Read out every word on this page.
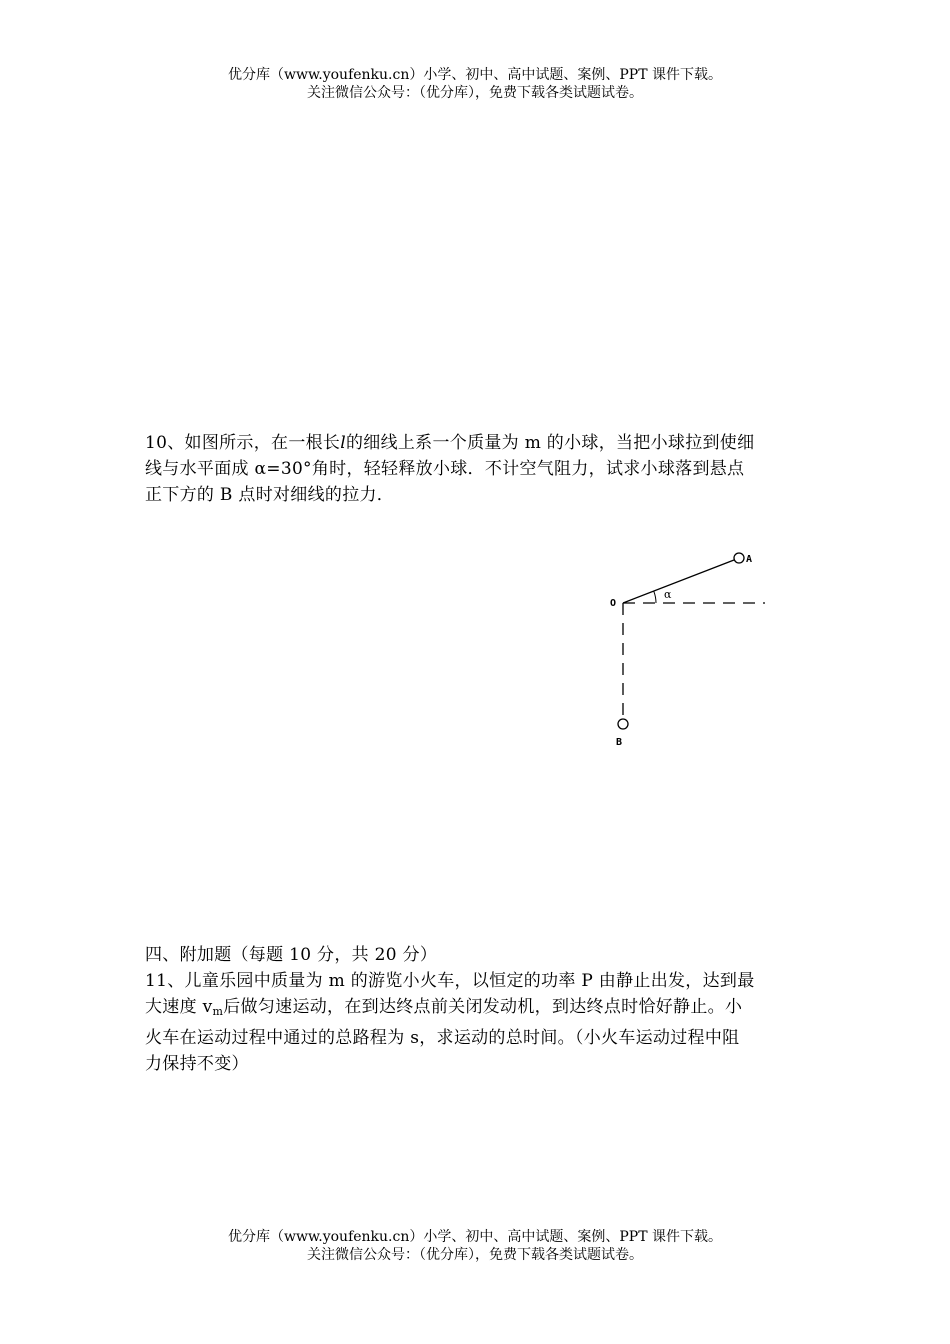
优分库（www.youfenku.cn）小学、初中、高中试题、案例、PPT 课件下载。
关注微信公众号：（优分库），免费下载各类试题试卷。
10、如图所示，在一根长l的细线上系一个质量为 m 的小球，当把小球拉到使细
线与水平面成 α=30°角时，轻轻释放小球．不计空气阻力，试求小球落到悬点
正下方的 B 点时对细线的拉力．
A
O
B
α
四、附加题（每题 10 分，共 20 分）
11、儿童乐园中质量为 m 的游览小火车，以恒定的功率 P 由静止出发，达到最
大速度 $v_m$后做匀速运动，在到达终点前关闭发动机，到达终点时恰好静止。小
火车在运动过程中通过的总路程为 s，求运动的总时间。（小火车运动过程中阻
力保持不变）
优分库（www.youfenku.cn）小学、初中、高中试题、案例、PPT 课件下载。
关注微信公众号：（优分库），免费下载各类试题试卷。
